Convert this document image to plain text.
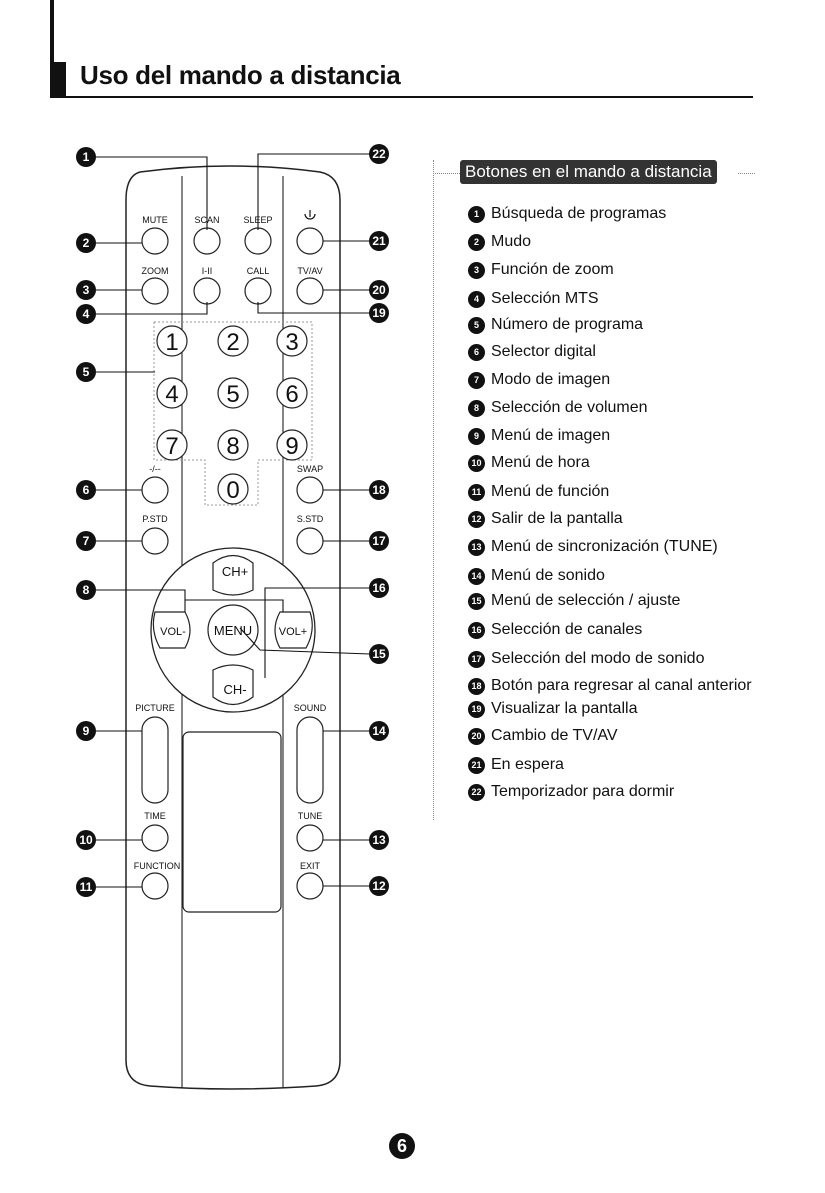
Uso del mando a distancia
MUTE	SCAN	SLEEP
ZOOM	I-II	CALL	TV/AV
1 2 3
4 5 6
7 8 9
0
-/--	SWAP
P.STD	S.STD
CH+
CH-
VOL-	VOL+
MENU
PICTURE	SOUND
TIME	TUNE
FUNCTION	EXIT
1
2
3
4
5
6
7
8
9
10
11
22
21
20
19
18
17
16
15
14
13
12
Botones en el mando a distancia
1 Búsqueda de programas
2 Mudo
3 Función de zoom
4 Selección MTS
5 Número de programa
6 Selector digital
7 Modo de imagen
8 Selección de volumen
9 Menú de imagen
10 Menú de hora
11 Menú de función
12 Salir de la pantalla
13 Menú de sincronización (TUNE)
14 Menú de sonido
15 Menú de selección / ajuste
16 Selección de canales
17 Selección del modo de sonido
18 Botón para regresar al canal anterior
19 Visualizar la pantalla
20 Cambio de TV/AV
21 En espera
22 Temporizador para dormir
6
